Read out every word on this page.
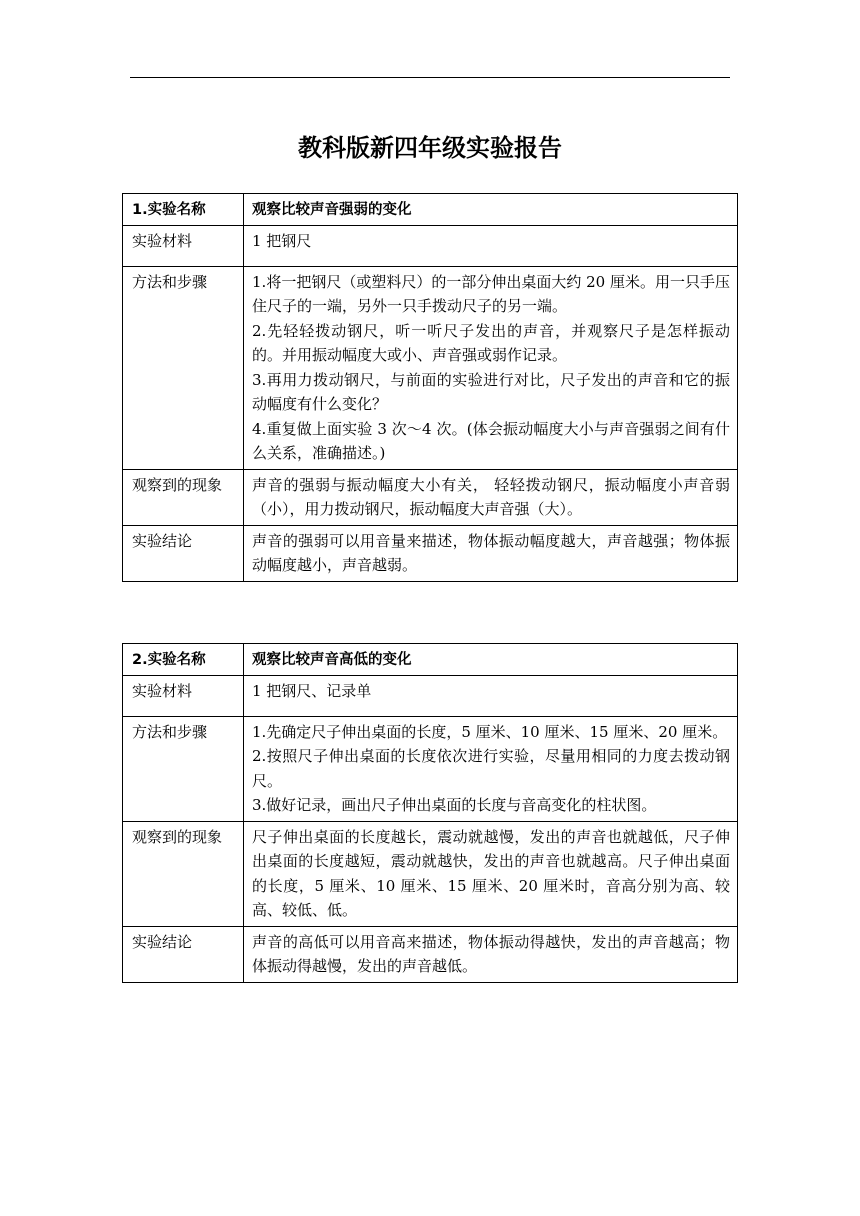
教科版新四年级实验报告
1.实验名称	观察比较声音强弱的变化
实验材料	1 把钢尺
方法和步骤	1.将一把钢尺（或塑料尺）的一部分伸出桌面大约 20 厘米。用一只手压住尺子的一端，另外一只手拨动尺子的另一端。
2.先轻轻拨动钢尺，听一听尺子发出的声音，并观察尺子是怎样振动的。并用振动幅度大或小、声音强或弱作记录。
3.再用力拨动钢尺，与前面的实验进行对比，尺子发出的声音和它的振动幅度有什么变化？
4.重复做上面实验 3 次～4 次。(体会振动幅度大小与声音强弱之间有什么关系，准确描述。)

观察到的现象	声音的强弱与振动幅度大小有关， 轻轻拨动钢尺，振动幅度小声音弱（小），用力拨动钢尺，振动幅度大声音强（大）。
实验结论	声音的强弱可以用音量来描述，物体振动幅度越大，声音越强；物体振动幅度越小，声音越弱。
2.实验名称	观察比较声音高低的变化
实验材料	1 把钢尺、记录单
方法和步骤	1.先确定尺子伸出桌面的长度，5 厘米、10 厘米、15 厘米、20 厘米。
2.按照尺子伸出桌面的长度依次进行实验，尽量用相同的力度去拨动钢尺。
3.做好记录，画出尺子伸出桌面的长度与音高变化的柱状图。

观察到的现象	尺子伸出桌面的长度越长，震动就越慢，发出的声音也就越低，尺子伸出桌面的长度越短，震动就越快，发出的声音也就越高。尺子伸出桌面的长度，5 厘米、10 厘米、15 厘米、20 厘米时，音高分别为高、较高、较低、低。
实验结论	声音的高低可以用音高来描述，物体振动得越快，发出的声音越高；物体振动得越慢，发出的声音越低。
